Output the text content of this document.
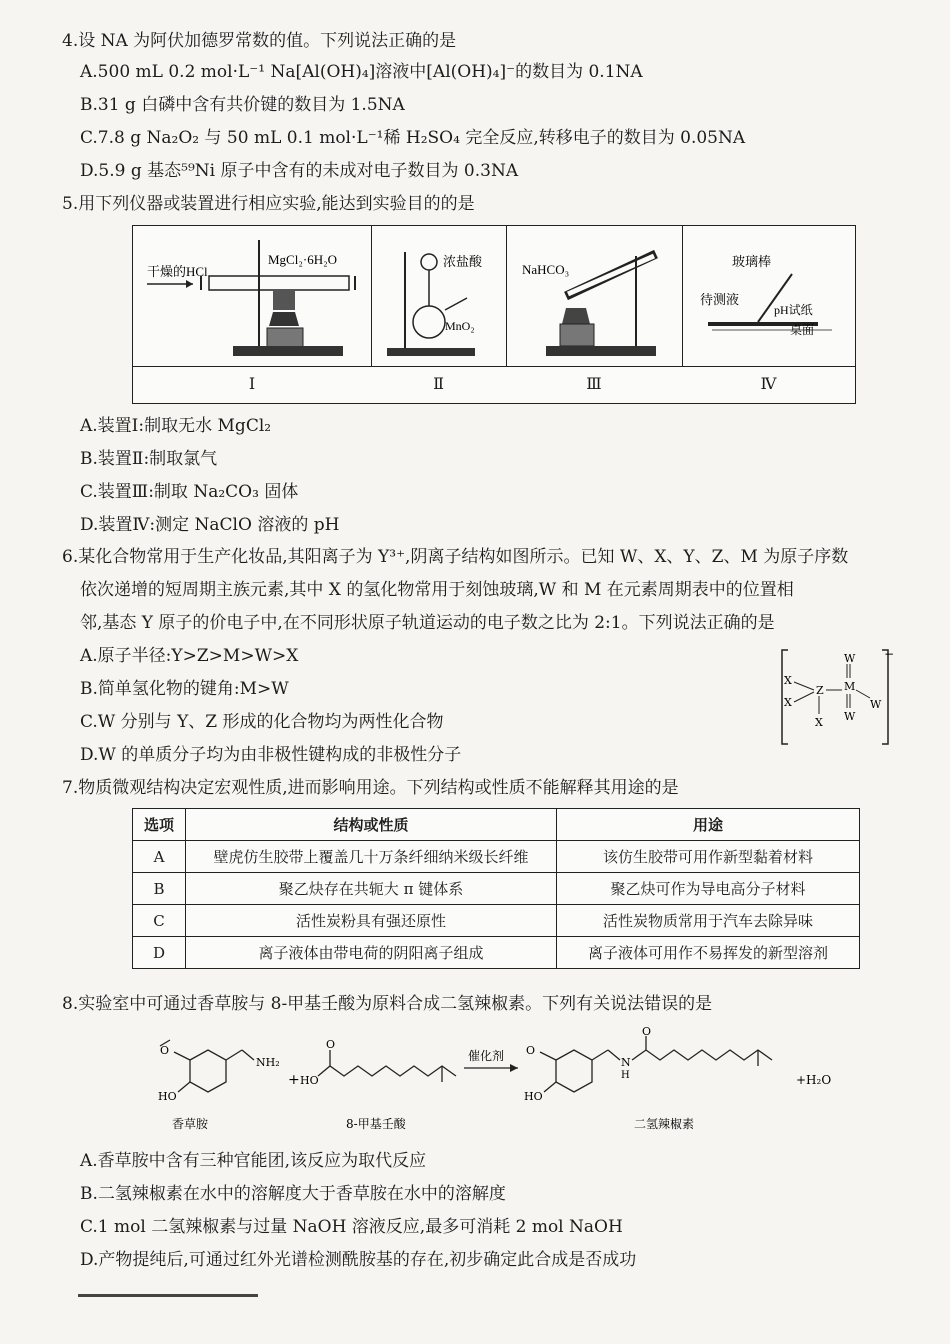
4.设 NA 为阿伏加德罗常数的值。下列说法正确的是
A.500 mL 0.2 mol·L⁻¹ Na[Al(OH)₄]溶液中[Al(OH)₄]⁻的数目为 0.1NA
B.31 g 白磷中含有共价键的数目为 1.5NA
C.7.8 g Na₂O₂ 与 50 mL 0.1 mol·L⁻¹稀 H₂SO₄ 完全反应,转移电子的数目为 0.05NA
D.5.9 g 基态⁵⁹Ni 原子中含有的未成对电子数目为 0.3NA
5.用下列仪器或装置进行相应实验,能达到实验目的的是
干燥的HCl
MgCl₂·6H₂O	浓盐酸
MnO₂
NaHCO₃
玻璃棒
待测液
pH试纸
桌面
Ⅰ	Ⅱ	Ⅲ	Ⅳ
A.装置Ⅰ:制取无水 MgCl₂
B.装置Ⅱ:制取氯气
C.装置Ⅲ:制取 Na₂CO₃ 固体
D.装置Ⅳ:测定 NaClO 溶液的 pH
6.某化合物常用于生产化妆品,其阳离子为 Y³⁺,阴离子结构如图所示。已知 W、X、Y、Z、M 为原子序数
依次递增的短周期主族元素,其中 X 的氢化物常用于刻蚀玻璃,W 和 M 在元素周期表中的位置相
邻,基态 Y 原子的价电子中,在不同形状原子轨道运动的电子数之比为 2:1。下列说法正确的是
A.原子半径:Y>Z>M>W>X
B.简单氢化物的键角:M>W
C.W 分别与 Y、Z 形成的化合物均为两性化合物
D.W 的单质分子均为由非极性键构成的非极性分子
−
W
M
Z
X
X
X W
W
7.物质微观结构决定宏观性质,进而影响用途。下列结构或性质不能解释其用途的是
选项	结构或性质	用途
A	壁虎仿生胶带上覆盖几十万条纤细纳米级长纤维	该仿生胶带可用作新型黏着材料
B	聚乙炔存在共轭大 π 键体系	聚乙炔可作为导电高分子材料
C	活性炭粉具有强还原性	活性炭物质常用于汽车去除异味
D	离子液体由带电荷的阴阳离子组成	离子液体可用作不易挥发的新型溶剂
8.实验室中可通过香草胺与 8-甲基壬酸为原料合成二氢辣椒素。下列有关说法错误的是
O
HO
NH₂
+ HO
O
催化剂 O
HO
N
H
O
+H₂O
香草胺	8-甲基壬酸	二氢辣椒素
A.香草胺中含有三种官能团,该反应为取代反应
B.二氢辣椒素在水中的溶解度大于香草胺在水中的溶解度
C.1 mol 二氢辣椒素与过量 NaOH 溶液反应,最多可消耗 2 mol NaOH
D.产物提纯后,可通过红外光谱检测酰胺基的存在,初步确定此合成是否成功
